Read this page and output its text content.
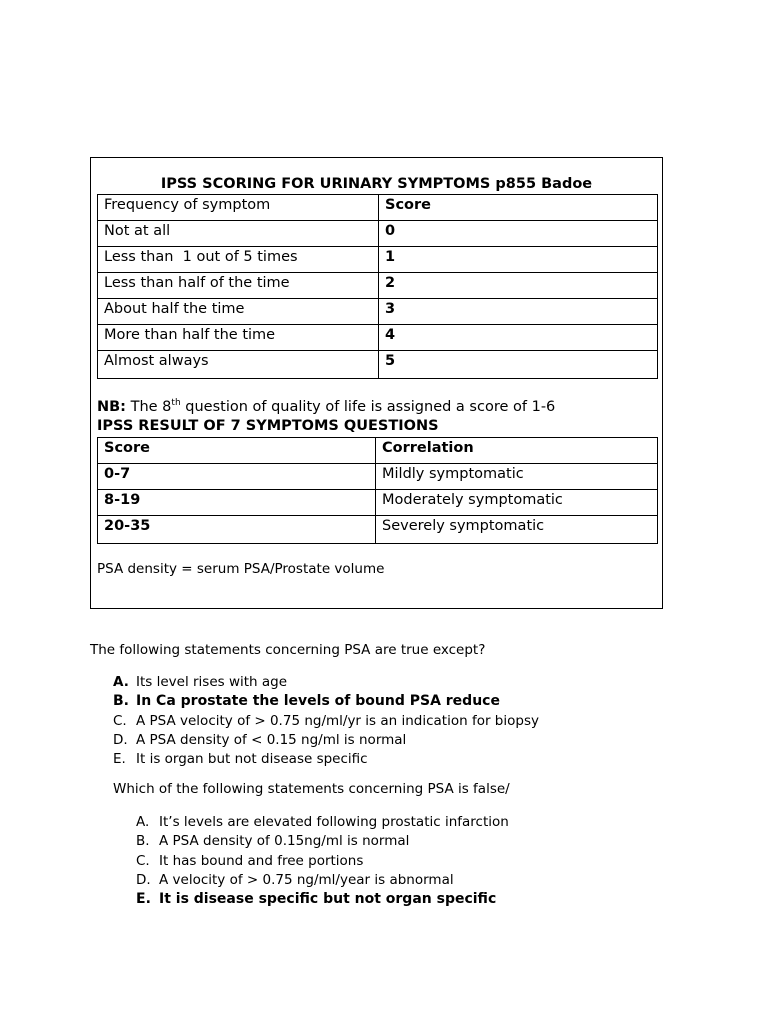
IPSS SCORING FOR URINARY SYMPTOMS p855 Badoe
Frequency of symptom	Score
Not at all	0
Less than  1 out of 5 times	1
Less than half of the time	2
About half the time	3
More than half the time	4
Almost always	5
NB: The 8th question of quality of life is assigned a score of 1-6
IPSS RESULT OF 7 SYMPTOMS QUESTIONS
Score	Correlation
0-7	Mildly symptomatic
8-19	Moderately symptomatic
20-35	Severely symptomatic
PSA density = serum PSA/Prostate volume
The following statements concerning PSA are true except?
A. Its level rises with age
B. In Ca prostate the levels of bound PSA reduce
C. A PSA velocity of > 0.75 ng/ml/yr is an indication for biopsy
D. A PSA density of < 0.15 ng/ml is normal
E. It is organ but not disease specific
Which of the following statements concerning PSA is false/
A. It’s levels are elevated following prostatic infarction
B. A PSA density of 0.15ng/ml is normal
C. It has bound and free portions
D. A velocity of > 0.75 ng/ml/year is abnormal
E. It is disease specific but not organ specific
